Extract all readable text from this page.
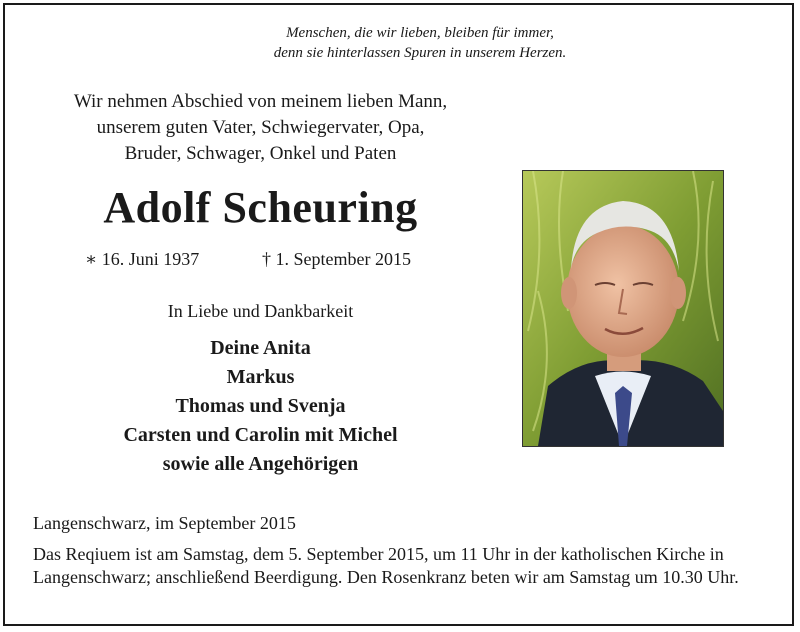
Menschen, die wir lieben, bleiben für immer,
denn sie hinterlassen Spuren in unserem Herzen.
Wir nehmen Abschied von meinem lieben Mann,
unserem guten Vater, Schwiegervater, Opa,
Bruder, Schwager, Onkel und Paten
Adolf Scheuring
∗ 16. Juni 1937	† 1. September 2015
In Liebe und Dankbarkeit
Deine Anita
Markus
Thomas und Svenja
Carsten und Carolin mit Michel
sowie alle Angehörigen
Langenschwarz, im September 2015
Das Reqiuem ist am Samstag, dem 5. September 2015, um 11 Uhr in der katholischen Kirche in Langenschwarz; anschließend Beerdigung. Den Rosenkranz beten wir am Samstag um 10.30 Uhr.
